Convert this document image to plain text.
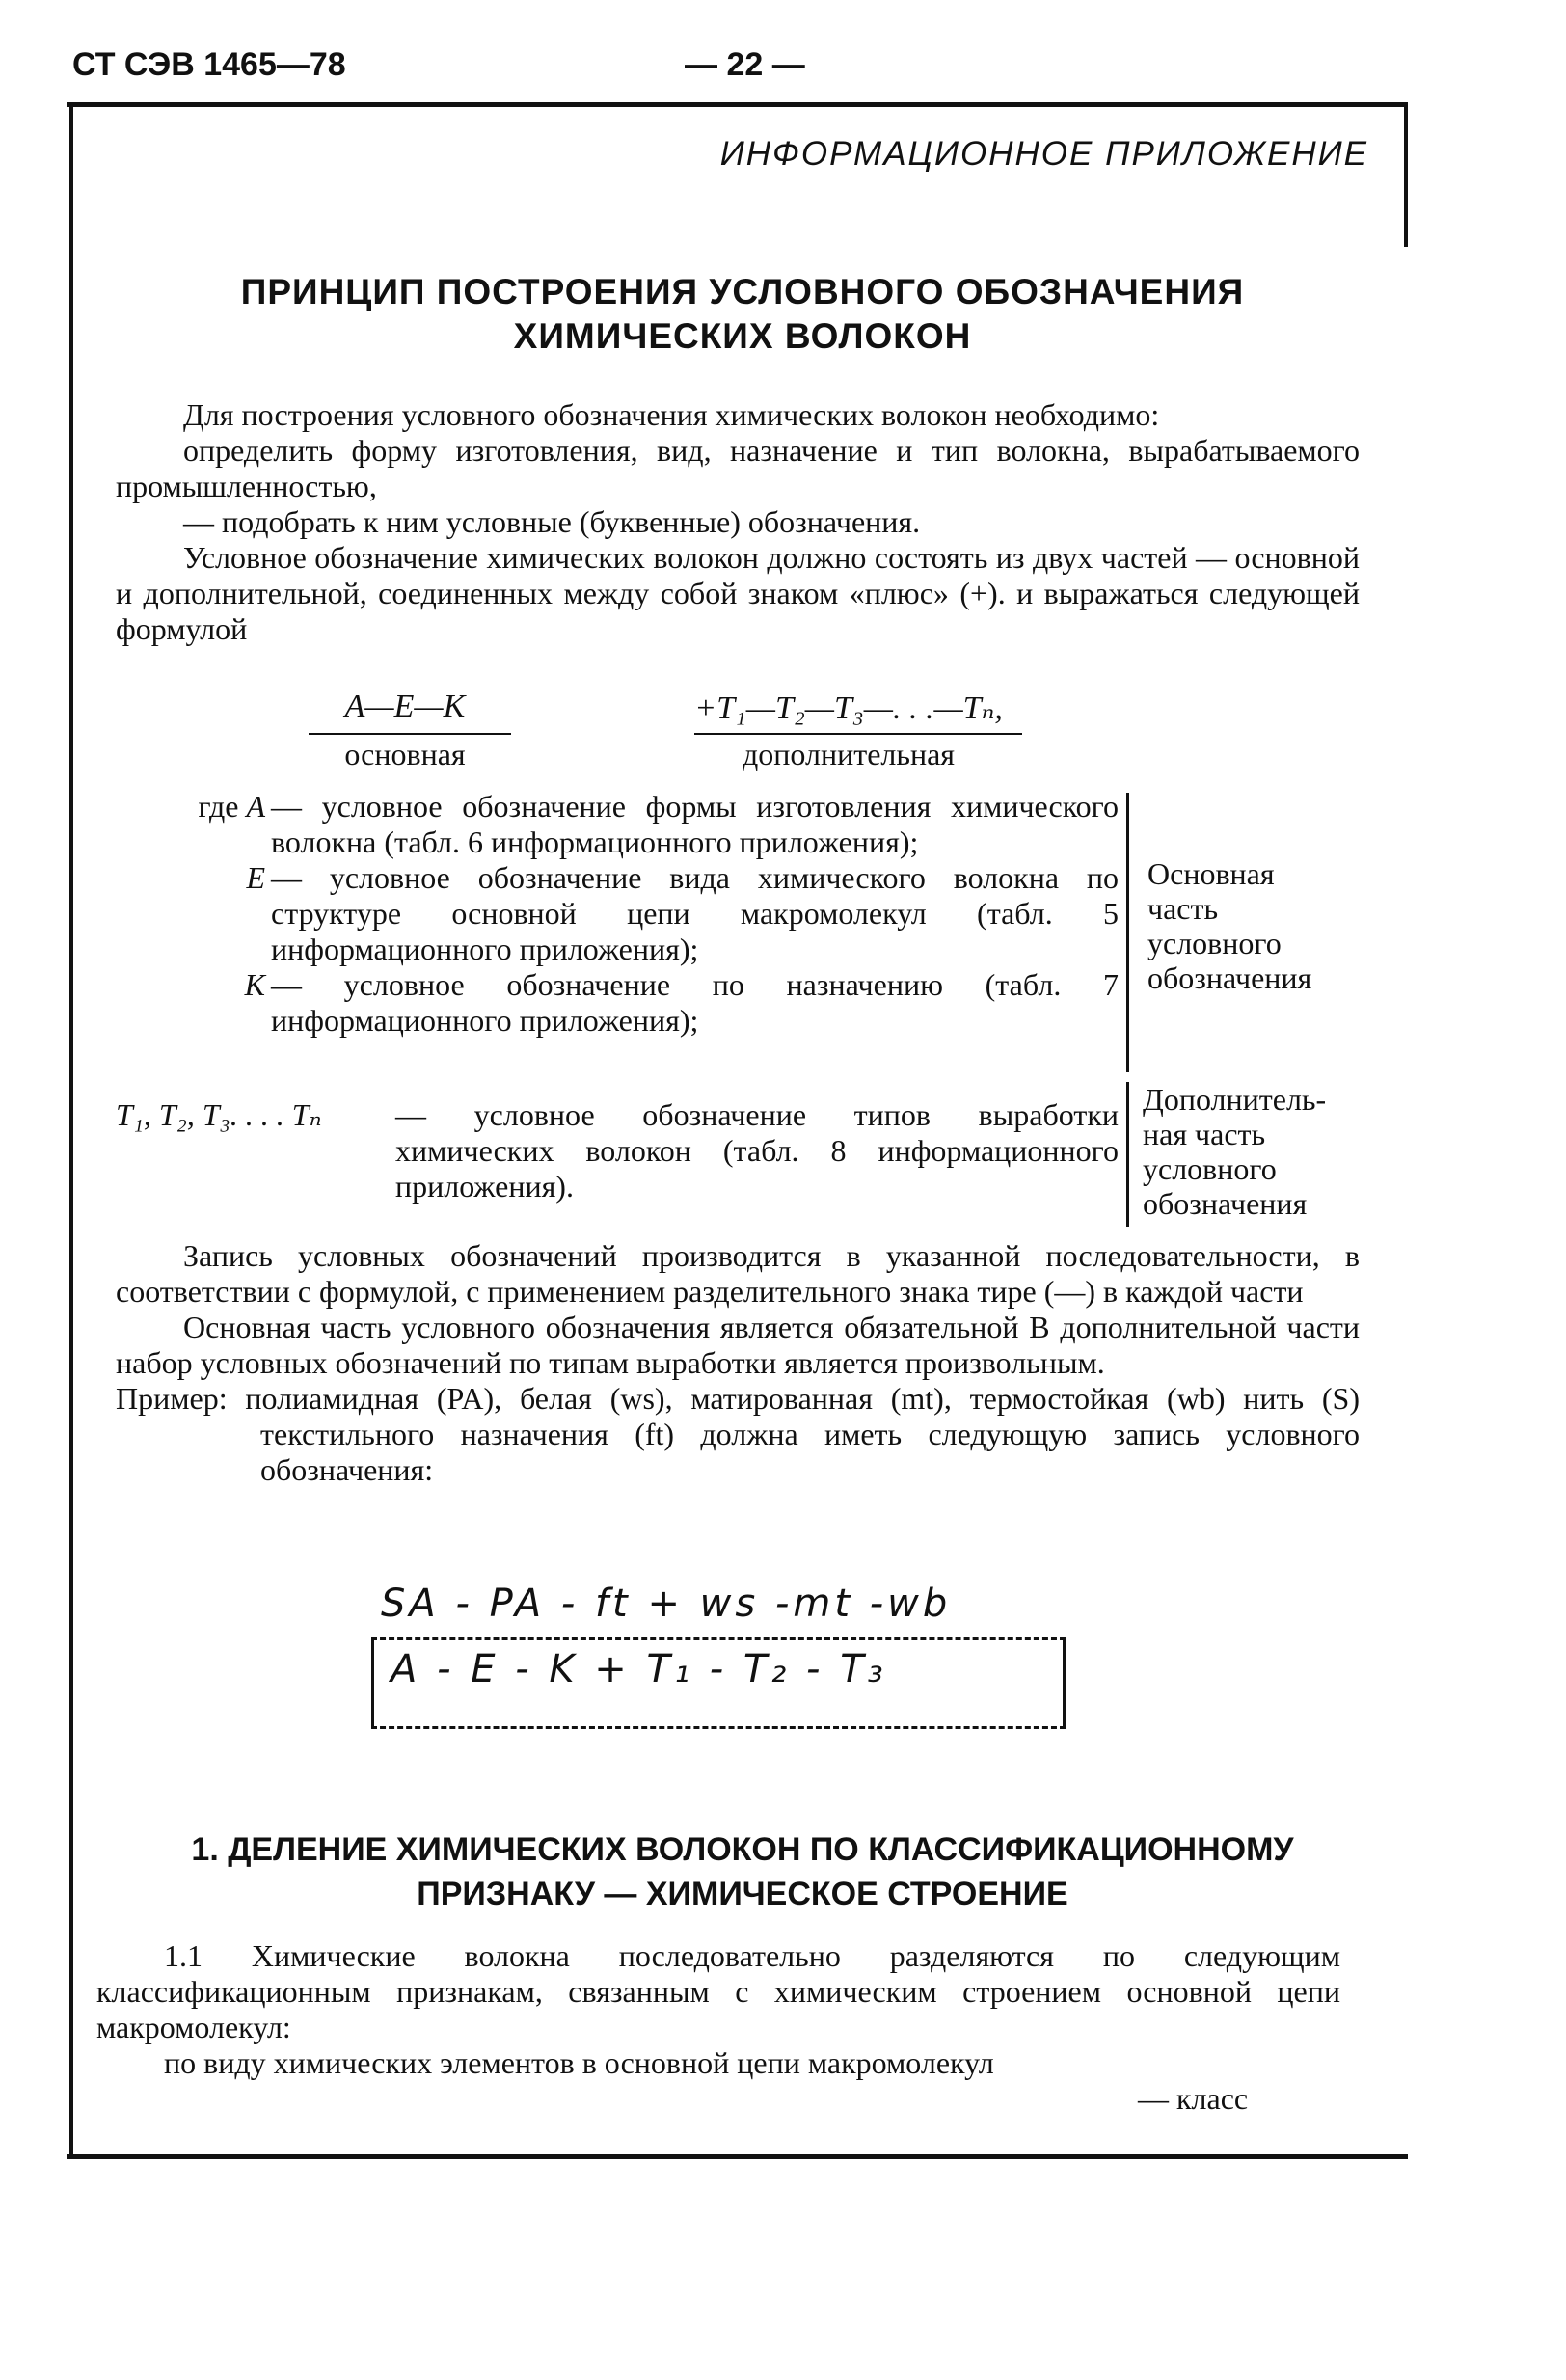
СТ СЭВ 1465—78	— 22 —
ИНФОРМАЦИОННОЕ ПРИЛОЖЕНИЕ
ПРИНЦИП ПОСТРОЕНИЯ УСЛОВНОГО ОБОЗНАЧЕНИЯ
ХИМИЧЕСКИХ ВОЛОКОН
Для построения условного обозначения химических волокон необходимо:
определить форму изготовления, вид, назначение и тип волокна, вырабатываемого промышленностью,
— подобрать к ним условные (буквенные) обозначения.
Условное обозначение химических волокон должно состоять из двух частей — основной и дополнительной, соединенных между собой знаком «плюс» (+). и выражаться следующей формулой
A—E—K
основная
+T₁—T₂—T₃—. . .—Tₙ,
дополнительная
где A — условное обозначение формы изготовления химического волокна (табл. 6 информационного приложения);
E — условное обозначение вида химического волокна по структуре основной цепи макромолекул (табл. 5 информационного приложения);
K — условное обозначение по назначению (табл. 7 информационного приложения);
Основная
часть
условного
обозначения
T₁, T₂, T₃. . . . Tₙ	— условное обозначение типов выработки химических волокон (табл. 8 информационного приложения).
Дополнитель-
ная часть
условного
обозначения
Запись условных обозначений производится в указанной последовательности, в соответствии с формулой, с применением разделительного знака тире (—) в каждой части
Основная часть условного обозначения является обязательной В дополнительной части набор условных обозначений по типам выработки является произвольным.
Пример: полиамидная (PA), белая (ws), матированная (mt), термостойкая (wb) нить (S) текстильного назначения (ft) должна иметь следующую запись условного обозначения:
SA - PA - ft + ws -mt -wb
A - E - K + T₁ - T₂ - T₃
1. ДЕЛЕНИЕ ХИМИЧЕСКИХ ВОЛОКОН ПО КЛАССИФИКАЦИОННОМУ
ПРИЗНАКУ — ХИМИЧЕСКОЕ СТРОЕНИЕ
1.1 Химические волокна последовательно разделяются по следующим классификационным признакам, связанным с химическим строением основной цепи макромолекул:
по виду химических элементов в основной цепи макромолекул
— класс
